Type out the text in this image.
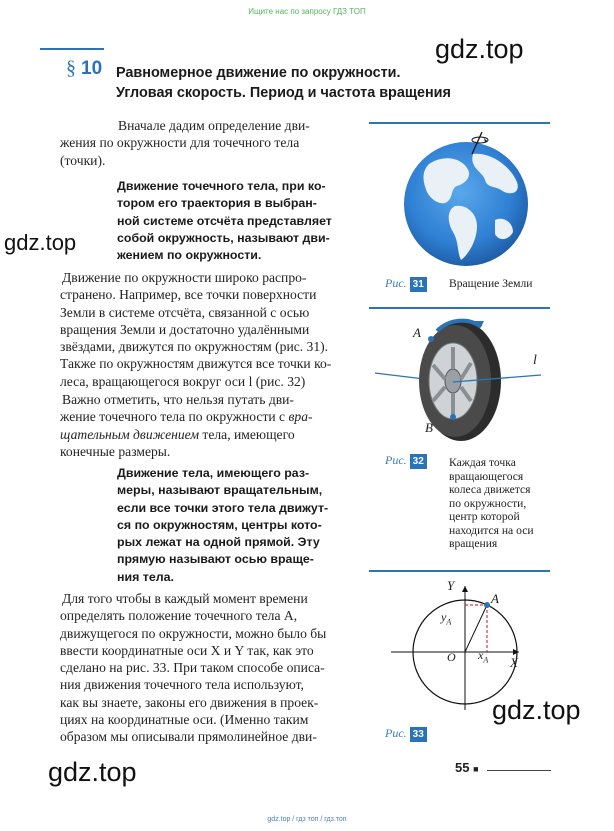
Ищите нас по запросу ГДЗ ТОП
gdz.top / гдз топ / гдз.топ
gdz.top
gdz.top
gdz.top
gdz.top
§ 10 Равномерное движение по окружности.
Угловая скорость. Период и частота вращения
Вначале дадим определение дви-
жения по окружности для точечного тела
(точки).
Движение точечного тела, при ко-
тором его траектория в выбран-
ной системе отсчёта представляет
собой окружность, называют дви-
жением по окружности.
Движение по окружности широко распро-
странено. Например, все точки поверхности
Земли в системе отсчёта, связанной с осью
вращения Земли и достаточно удалёнными
звёздами, движутся по окружностям (рис. 31).
Также по окружностям движутся все точки ко-
леса, вращающегося вокруг оси l (рис. 32)
Важно отметить, что нельзя путать дви-
жение точечного тела по окружности с вра-
щательным движением тела, имеющего
конечные размеры.
Движение тела, имеющего раз-
меры, называют вращательным,
если все точки этого тела движут-
ся по окружностям, центры кото-
рых лежат на одной прямой. Эту
прямую называют осью враще-
ния тела.
Для того чтобы в каждый момент времени
определять положение точечного тела A,
движущегося по окружности, можно было бы
ввести координатные оси X и Y так, как это
сделано на рис. 33. При таком способе описа-
ния движения точечного тела используют,
как вы знаете, законы его движения в проек-
циях на координатные оси. (Именно таким
образом мы описывали прямолинейное дви-
Рис. 31 Вращение Земли
A
B
l
Рис. 32 Каждая точка
вращающегося
колеса движется
по окружности,
центр которой
находится на оси
вращения
Y
X
O
A
$y_A$
$x_A$
Рис. 33
55 ■
